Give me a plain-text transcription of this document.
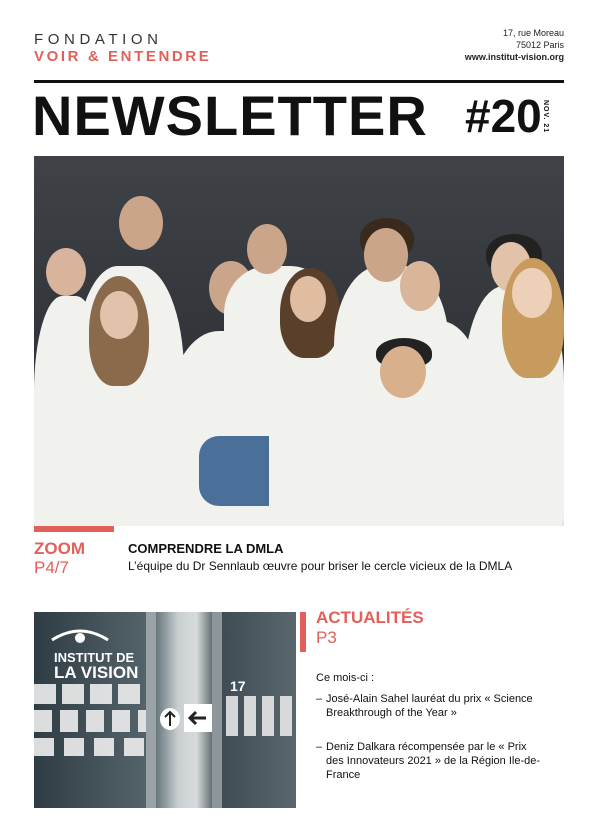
FONDATION
VOIR & ENTENDRE
17, rue Moreau
75012 Paris
www.institut-vision.org
NEWSLETTER #20 NOV. 21
ZOOM
P4/7
COMPRENDRE LA DMLA
L’équipe du Dr Sennlaub œuvre pour briser le cercle vicieux de la DMLA
INSTITUT DE
LA VISION
17
ACTUALITÉS
P3
Ce mois-ci :
– José-Alain Sahel lauréat du prix « Science Breakthrough of the Year »
– Deniz Dalkara récompensée par le « Prix des Innovateurs 2021 » de la Région Ile-de-France
